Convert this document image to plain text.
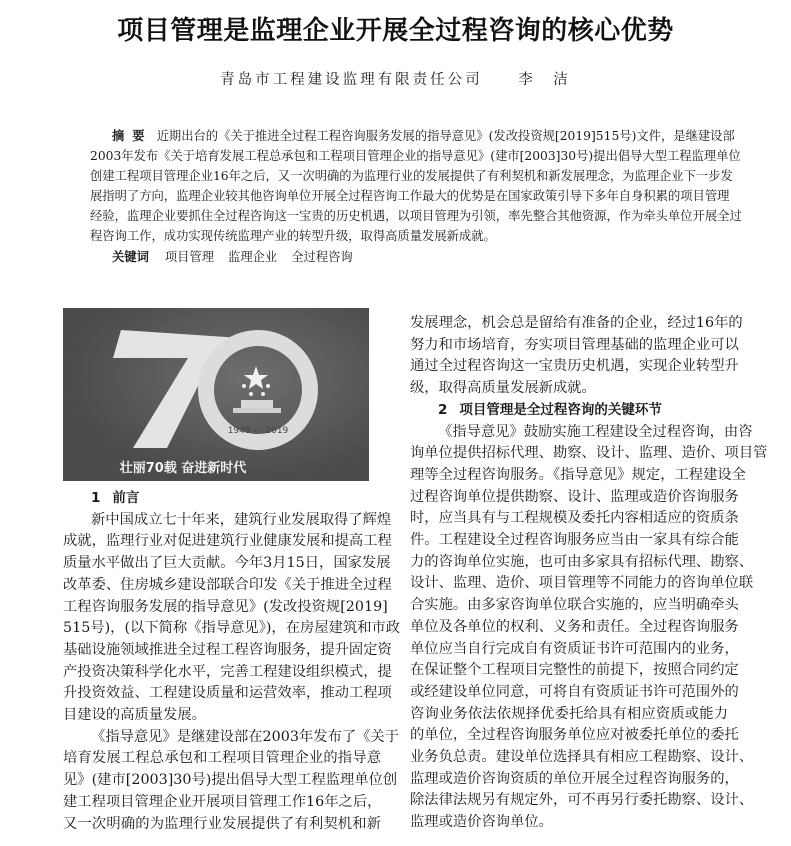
项目管理是监理企业开展全过程咨询的核心优势
青岛市工程建设监理有限责任公司 李　洁
摘要 近期出台的《关于推进全过程工程咨询服务发展的指导意见》(发改投资规[2019]515号)文件，是继建设部
2003年发布《关于培育发展工程总承包和工程项目管理企业的指导意见》(建市[2003]30号)提出倡导大型工程监理单位
创建工程项目管理企业16年之后，又一次明确的为监理行业的发展提供了有利契机和新发展理念，为监理企业下一步发
展指明了方向，监理企业较其他咨询单位开展全过程咨询工作最大的优势是在国家政策引导下多年自身积累的项目管理
经验，监理企业要抓住全过程咨询这一宝贵的历史机遇，以项目管理为引领，率先整合其他资源，作为牵头单位开展全过
程咨询工作，成功实现传统监理产业的转型升级，取得高质量发展新成就。
关键词 项目管理 监理企业 全过程咨询
1949 — 2019
壮丽70载 奋进新时代
1 前言
新中国成立七十年来，建筑行业发展取得了辉煌
成就，监理行业对促进建筑行业健康发展和提高工程
质量水平做出了巨大贡献。今年3月15日，国家发展
改革委、住房城乡建设部联合印发《关于推进全过程
工程咨询服务发展的指导意见》(发改投资规[2019]
515号)，(以下简称《指导意见》)，在房屋建筑和市政
基础设施领域推进全过程工程咨询服务，提升固定资
产投资决策科学化水平，完善工程建设组织模式，提
升投资效益、工程建设质量和运营效率，推动工程项
目建设的高质量发展。
《指导意见》是继建设部在2003年发布了《关于
培育发展工程总承包和工程项目管理企业的指导意
见》(建市[2003]30号)提出倡导大型工程监理单位创
建工程项目管理企业开展项目管理工作16年之后，
又一次明确的为监理行业发展提供了有利契机和新
发展理念，机会总是留给有准备的企业，经过16年的
努力和市场培育，夯实项目管理基础的监理企业可以
通过全过程咨询这一宝贵历史机遇，实现企业转型升
级，取得高质量发展新成就。
2 项目管理是全过程咨询的关键环节
《指导意见》鼓励实施工程建设全过程咨询，由咨
询单位提供招标代理、勘察、设计、监理、造价、项目管
理等全过程咨询服务。《指导意见》规定，工程建设全
过程咨询单位提供勘察、设计、监理或造价咨询服务
时，应当具有与工程规模及委托内容相适应的资质条
件。工程建设全过程咨询服务应当由一家具有综合能
力的咨询单位实施，也可由多家具有招标代理、勘察、
设计、监理、造价、项目管理等不同能力的咨询单位联
合实施。由多家咨询单位联合实施的，应当明确牵头
单位及各单位的权利、义务和责任。全过程咨询服务
单位应当自行完成自有资质证书许可范围内的业务，
在保证整个工程项目完整性的前提下，按照合同约定
或经建设单位同意，可将自有资质证书许可范围外的
咨询业务依法依规择优委托给具有相应资质或能力
的单位，全过程咨询服务单位应对被委托单位的委托
业务负总责。建设单位选择具有相应工程勘察、设计、
监理或造价咨询资质的单位开展全过程咨询服务的，
除法律法规另有规定外，可不再另行委托勘察、设计、
监理或造价咨询单位。
